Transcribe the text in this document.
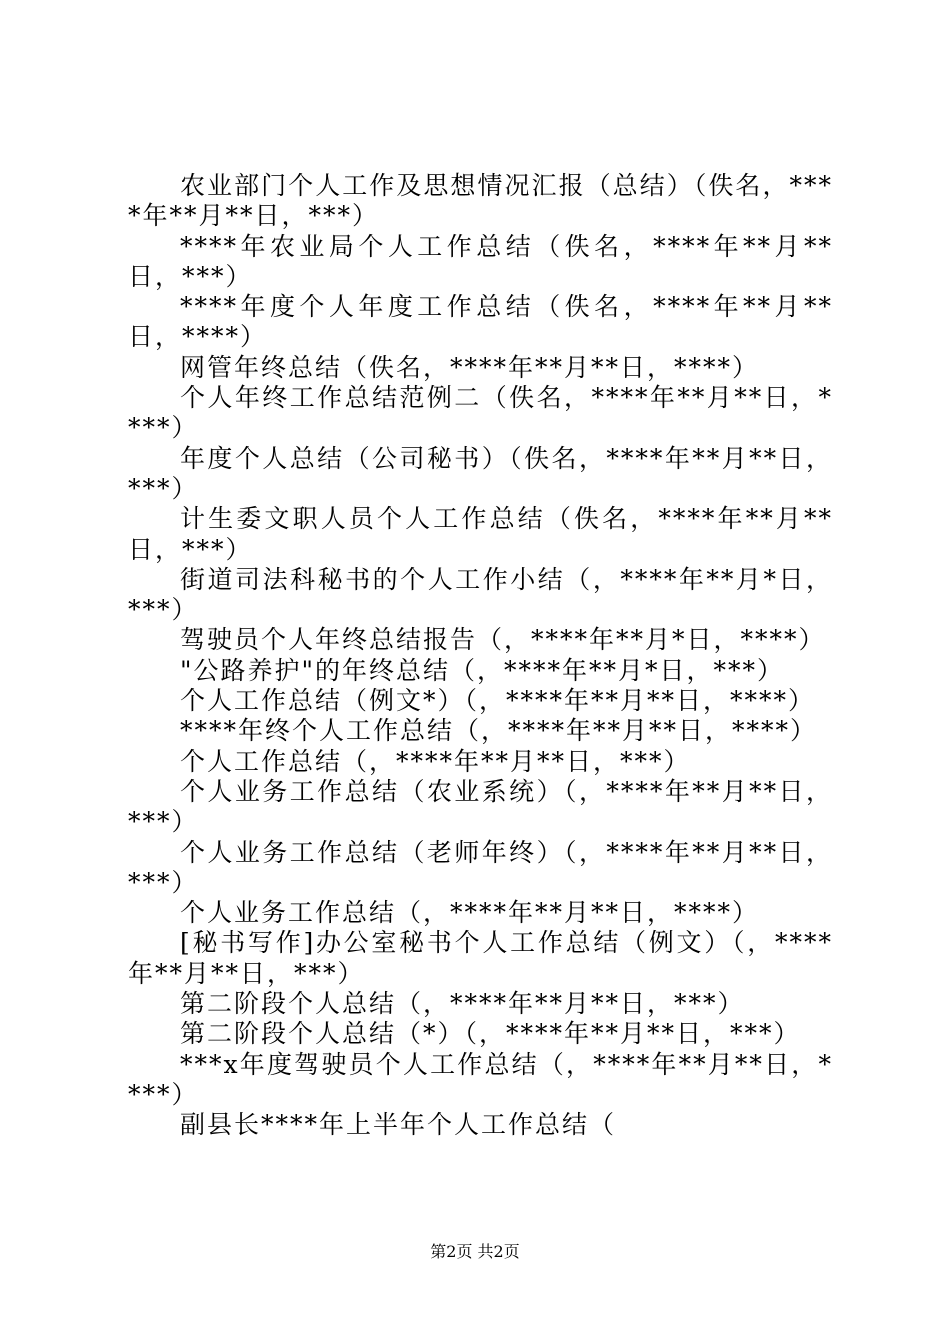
农业部门个人工作及思想情况汇报（总结）（佚名，****年**月**日，***）

****年农业局个人工作总结（佚名，****年**月**日，***）

****年度个人年度工作总结（佚名，****年**月**日，****）

网管年终总结（佚名，****年**月**日，****）

个人年终工作总结范例二（佚名，****年**月**日，****）

年度个人总结（公司秘书）（佚名，****年**月**日，***）

计生委文职人员个人工作总结（佚名，****年**月**日，***）

街道司法科秘书的个人工作小结（，****年**月*日，***）

驾驶员个人年终总结报告（，****年**月*日，****）

"公路养护"的年终总结（，****年**月*日，***）

个人工作总结（例文*）（，****年**月**日，****）

****年终个人工作总结（，****年**月**日，****）

个人工作总结（，****年**月**日，***）

个人业务工作总结（农业系统）（，****年**月**日，***）

个人业务工作总结（老师年终）（，****年**月**日，***）

个人业务工作总结（，****年**月**日，****）

[秘书写作]办公室秘书个人工作总结（例文）（，****年**月**日，***）

第二阶段个人总结（，****年**月**日，***）

第二阶段个人总结（*）（，****年**月**日，***）

***x年度驾驶员个人工作总结（，****年**月**日，****）

副县长****年上半年个人工作总结（

第2页 共2页
